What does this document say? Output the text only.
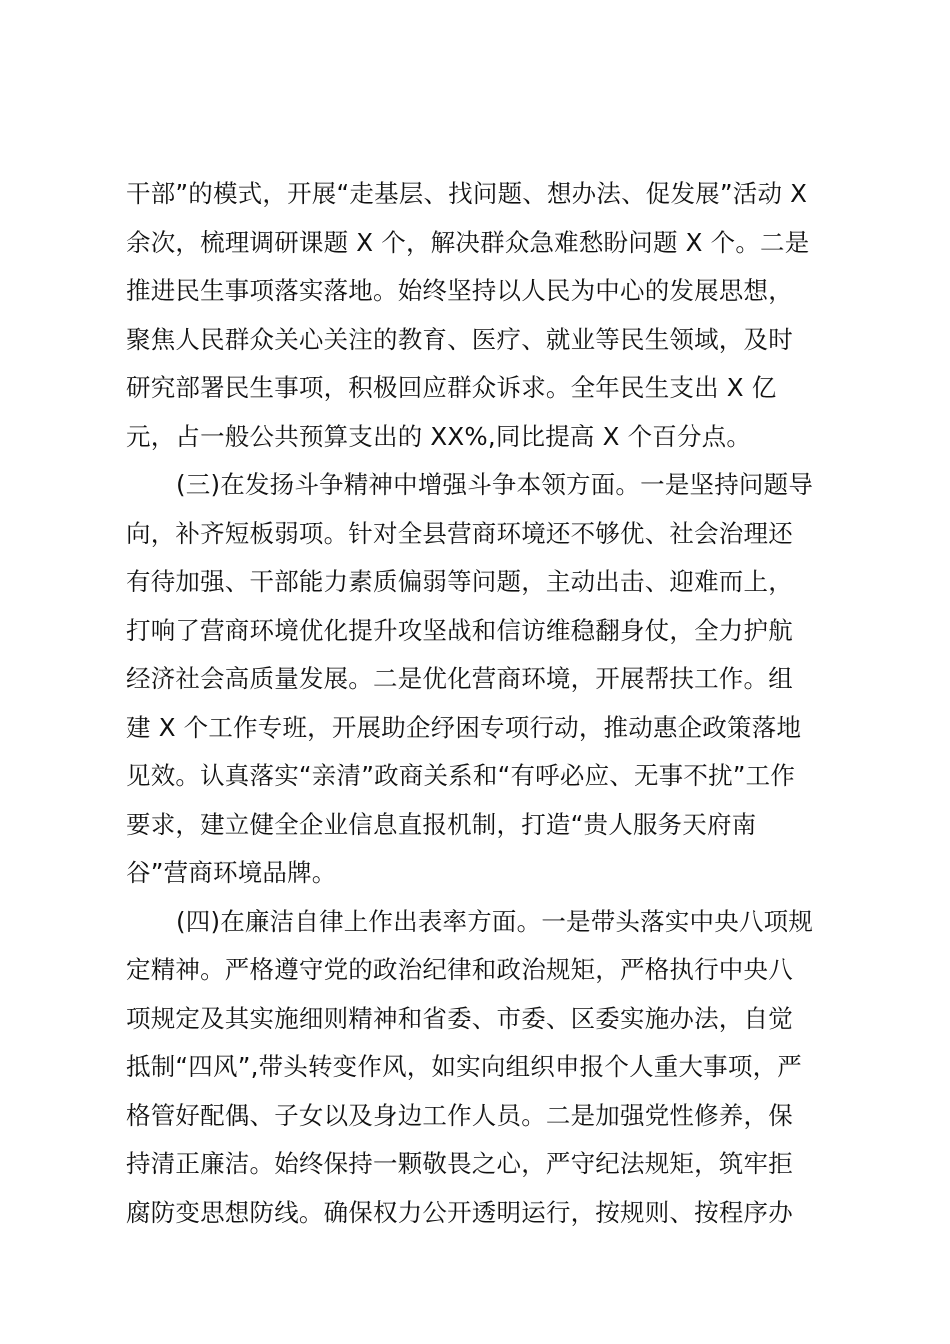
干部”的模式，开展“走基层、找问题、想办法、促发展”活动 X
余次，梳理调研课题 X 个，解决群众急难愁盼问题 X 个。二是
推进民生事项落实落地。始终坚持以人民为中心的发展思想，
聚焦人民群众关心关注的教育、医疗、就业等民生领域，及时
研究部署民生事项，积极回应群众诉求。全年民生支出 X 亿
元，占一般公共预算支出的 XX%,同比提高 X 个百分点。
(三)在发扬斗争精神中增强斗争本领方面。一是坚持问题导
向，补齐短板弱项。针对全县营商环境还不够优、社会治理还
有待加强、干部能力素质偏弱等问题，主动出击、迎难而上，
打响了营商环境优化提升攻坚战和信访维稳翻身仗，全力护航
经济社会高质量发展。二是优化营商环境，开展帮扶工作。组
建 X 个工作专班，开展助企纾困专项行动，推动惠企政策落地
见效。认真落实“亲清”政商关系和“有呼必应、无事不扰”工作
要求，建立健全企业信息直报机制，打造“贵人服务天府南
谷”营商环境品牌。
(四)在廉洁自律上作出表率方面。一是带头落实中央八项规
定精神。严格遵守党的政治纪律和政治规矩，严格执行中央八
项规定及其实施细则精神和省委、市委、区委实施办法，自觉
抵制“四风”,带头转变作风，如实向组织申报个人重大事项，严
格管好配偶、子女以及身边工作人员。二是加强党性修养，保
持清正廉洁。始终保持一颗敬畏之心，严守纪法规矩，筑牢拒
腐防变思想防线。确保权力公开透明运行，按规则、按程序办
